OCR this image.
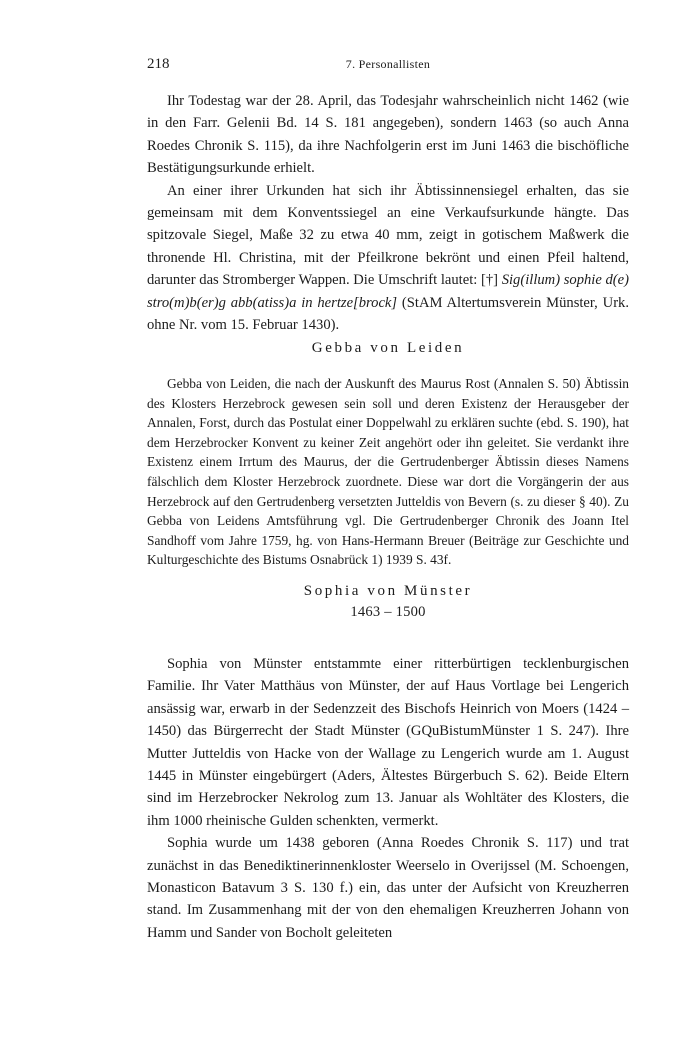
218	7. Personallisten

Ihr Todestag war der 28. April, das Todesjahr wahrscheinlich nicht 1462 (wie in den Farr. Gelenii Bd. 14 S. 181 angegeben), sondern 1463 (so auch Anna Roedes Chronik S. 115), da ihre Nachfolgerin erst im Juni 1463 die bischöfliche Bestätigungsurkunde erhielt.

An einer ihrer Urkunden hat sich ihr Äbtissinnensiegel erhalten, das sie gemeinsam mit dem Konventssiegel an eine Verkaufsurkunde hängte. Das spitzovale Siegel, Maße 32 zu etwa 40 mm, zeigt in gotischem Maßwerk die thronende Hl. Christina, mit der Pfeilkrone bekrönt und einen Pfeil haltend, darunter das Stromberger Wappen. Die Umschrift lautet: [†] Sig(illum) sophie d(e) stro(m)b(er)g abb(atiss)a in hertze[brock] (StAM Altertumsverein Münster, Urk. ohne Nr. vom 15. Februar 1430).

Gebba von Leiden

Gebba von Leiden, die nach der Auskunft des Maurus Rost (Annalen S. 50) Äbtissin des Klosters Herzebrock gewesen sein soll und deren Existenz der Herausgeber der Annalen, Forst, durch das Postulat einer Doppelwahl zu erklären suchte (ebd. S. 190), hat dem Herzebrocker Konvent zu keiner Zeit angehört oder ihn geleitet. Sie verdankt ihre Existenz einem Irrtum des Maurus, der die Gertrudenberger Äbtissin dieses Namens fälschlich dem Kloster Herzebrock zuordnete. Diese war dort die Vorgängerin der aus Herzebrock auf den Gertrudenberg versetzten Jutteldis von Bevern (s. zu dieser § 40). Zu Gebba von Leidens Amtsführung vgl. Die Gertrudenberger Chronik des Joann Itel Sandhoff vom Jahre 1759, hg. von Hans-Hermann Breuer (Beiträge zur Geschichte und Kulturgeschichte des Bistums Osnabrück 1) 1939 S. 43f.

Sophia von Münster
1463 – 1500

Sophia von Münster entstammte einer ritterbürtigen tecklenburgischen Familie. Ihr Vater Matthäus von Münster, der auf Haus Vortlage bei Lengerich ansässig war, erwarb in der Sedenzzeit des Bischofs Heinrich von Moers (1424 – 1450) das Bürgerrecht der Stadt Münster (GQuBistumMünster 1 S. 247). Ihre Mutter Jutteldis von Hacke von der Wallage zu Lengerich wurde am 1. August 1445 in Münster eingebürgert (Aders, Ältestes Bürgerbuch S. 62). Beide Eltern sind im Herzebrocker Nekrolog zum 13. Januar als Wohltäter des Klosters, die ihm 1000 rheinische Gulden schenkten, vermerkt.

Sophia wurde um 1438 geboren (Anna Roedes Chronik S. 117) und trat zunächst in das Benediktinerinnenkloster Weerselo in Overijssel (M. Schoengen, Monasticon Batavum 3 S. 130 f.) ein, das unter der Aufsicht von Kreuzherren stand. Im Zusammenhang mit der von den ehemaligen Kreuzherren Johann von Hamm und Sander von Bocholt geleiteten
